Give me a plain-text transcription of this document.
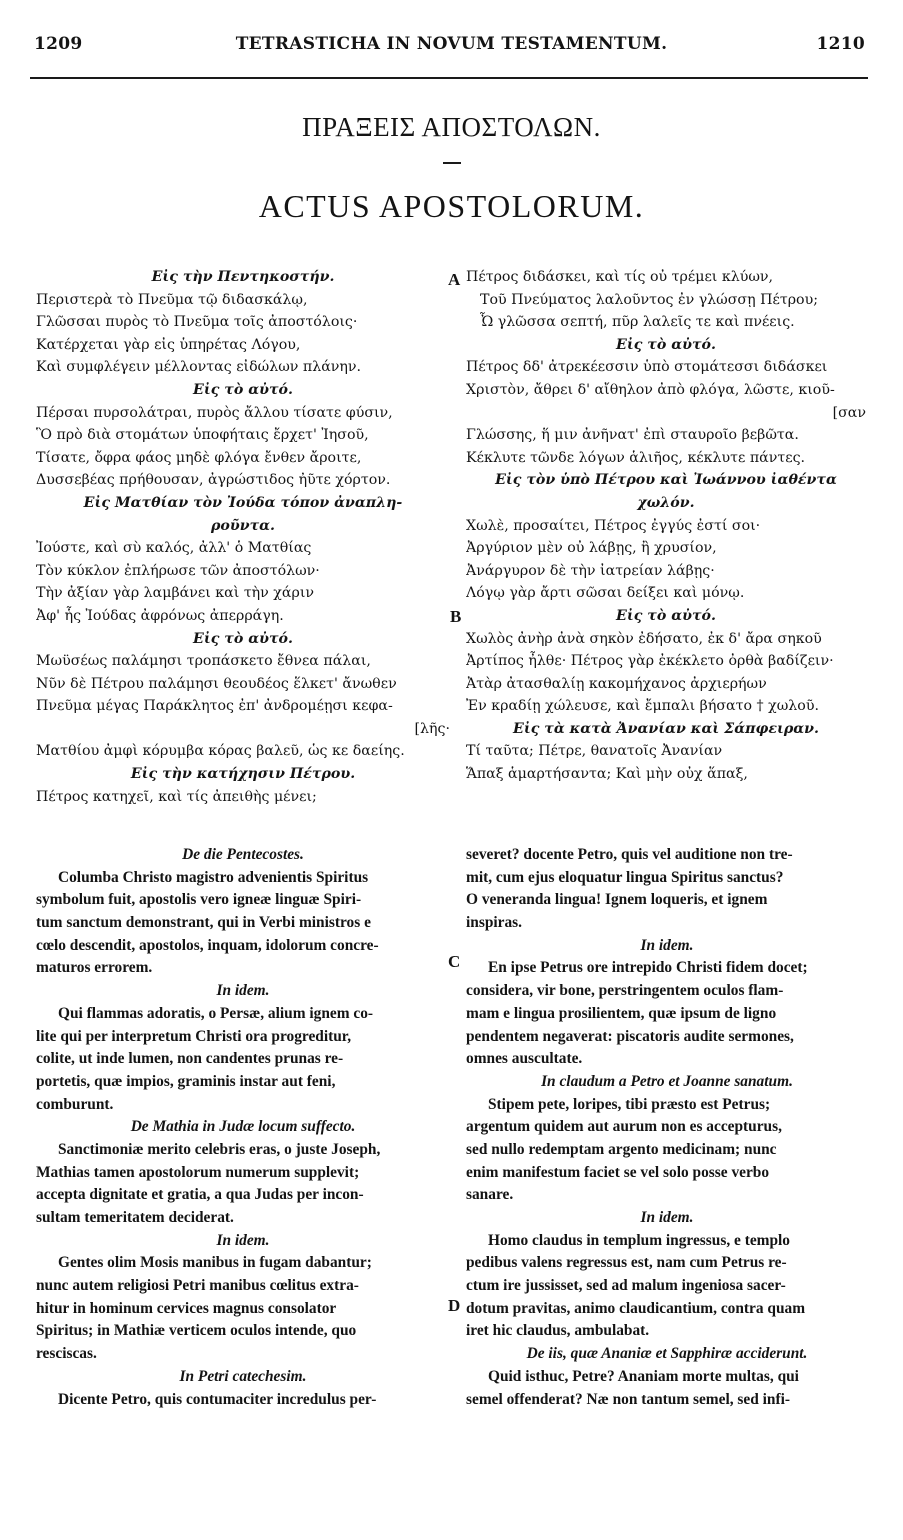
1209	TETRASTICHA IN NOVUM TESTAMENTUM.	1210
ΠΡΑΞΕΙΣ ΑΠΟΣΤΟΛΩΝ.
ACTUS APOSTOLORUM.
Εἰς τὴν Πεντηκοστήν.
Περιστερὰ τὸ Πνεῦμα τῷ διδασκάλῳ,
Γλῶσσαι πυρὸς τὸ Πνεῦμα τοῖς ἀποστόλοις·
Κατέρχεται γὰρ εἰς ὑπηρέτας Λόγου,
Καὶ συμφλέγειν μέλλοντας εἰδώλων πλάνην.
Εἰς τὸ αὐτό.
Πέρσαι πυρσολάτραι, πυρὸς ἄλλου τίσατε φύσιν,
Ὃ πρὸ διὰ στομάτων ὑποφήταις ἔρχετ' Ἰησοῦ,
Τίσατε, ὄφρα φάος μηδὲ φλόγα ἔνθεν ἄροιτε,
Δυσσεβέας πρήθουσαν, ἀγρώστιδος ἠῦτε χόρτον.
Εἰς Ματθίαν τὸν Ἰούδα τόπον ἀναπλη-
ροῦντα.
Ἰούστε, καὶ σὺ καλός, ἀλλ' ὁ Ματθίας
Τὸν κύκλον ἐπλήρωσε τῶν ἀποστόλων·
Τὴν ἀξίαν γὰρ λαμβάνει καὶ τὴν χάριν
Ἀφ' ἧς Ἰούδας ἀφρόνως ἀπερράγη.
Εἰς τὸ αὐτό.
Μωϋσέως παλάμησι τροπάσκετο ἔθνεα πάλαι,
Νῦν δὲ Πέτρου παλάμησι θεουδέος ἕλκετ' ἄνωθεν
Πνεῦμα μέγας Παράκλητος ἐπ' ἀνδρομέῃσι κεφα-
[λῆς·
Ματθίου ἀμφὶ κόρυμβα κόρας βαλεῦ, ὡς κε δαείης.
Εἰς τὴν κατήχησιν Πέτρου.
Πέτρος κατηχεῖ, καὶ τίς ἀπειθὴς μένει;
Πέτρος διδάσκει, καὶ τίς οὐ τρέμει κλύων,
Τοῦ Πνεύματος λαλοῦντος ἐν γλώσσῃ Πέτρου;
Ὦ γλῶσσα σεπτή, πῦρ λαλεῖς τε καὶ πνέεις.
Εἰς τὸ αὐτό.
Πέτρος δδ' ἀτρεκέεσσιν ὑπὸ στομάτεσσι διδάσκει
Χριστὸν, ἄθρει δ' αἴθηλον ἀπὸ φλόγα, λῶστε, κιοῦ-
[σαν
Γλώσσης, ἥ μιν ἀνῆνατ' ἐπὶ σταυροῖο βεβῶτα.
Κέκλυτε τῶνδε λόγων ἁλιῆος, κέκλυτε πάντες.
Εἰς τὸν ὑπὸ Πέτρου καὶ Ἰωάννου ἰαθέντα
χωλόν.
Χωλὲ, προσαίτει, Πέτρος ἐγγύς ἐστί σοι·
Ἀργύριον μὲν οὐ λάβῃς, ἢ χρυσίον,
Ἀνάργυρον δὲ τὴν ἰατρείαν λάβῃς·
Λόγῳ γὰρ ἄρτι σῶσαι δείξει καὶ μόνῳ.
Εἰς τὸ αὐτό.
Χωλὸς ἀνὴρ ἀνὰ σηκὸν ἐδήσατο, ἐκ δ' ἄρα σηκοῦ
Ἀρτίπος ἦλθε· Πέτρος γὰρ ἐκέκλετο ὀρθὰ βαδίζειν·
Ἀτὰρ ἀτασθαλίῃ κακομήχανος ἀρχιερήων
Ἐν κραδίῃ χώλευσε, καὶ ἔμπαλι βήσατο † χωλοῦ.
Εἰς τὰ κατὰ Ἀνανίαν καὶ Σάπφειραν.
Τί ταῦτα; Πέτρε, θανατοῖς Ἀνανίαν
Ἅπαξ ἁμαρτήσαντα; Καὶ μὴν οὐχ ἅπαξ,
De die Pentecostes.
Columba Christo magistro advenientis Spiritus
symbolum fuit, apostolis vero igneæ linguæ Spiri-
tum sanctum demonstrant, qui in Verbi ministros e
cœlo descendit, apostolos, inquam, idolorum concre-
maturos errorem.
In idem.
Qui flammas adoratis, o Persæ, alium ignem co-
lite qui per interpretum Christi ora progreditur,
colite, ut inde lumen, non candentes prunas re-
portetis, quæ impios, graminis instar aut feni,
comburunt.
De Mathia in Judæ locum suffecto.
Sanctimoniæ merito celebris eras, o juste Joseph,
Mathias tamen apostolorum numerum supplevit;
accepta dignitate et gratia, a qua Judas per incon-
sultam temeritatem deciderat.
In idem.
Gentes olim Mosis manibus in fugam dabantur;
nunc autem religiosi Petri manibus cœlitus extra-
hitur in hominum cervices magnus consolator
Spiritus; in Mathiæ verticem oculos intende, quo
resciscas.
In Petri catechesim.
Dicente Petro, quis contumaciter incredulus per-
severet? docente Petro, quis vel auditione non tre-
mit, cum ejus eloquatur lingua Spiritus sanctus?
O veneranda lingua! Ignem loqueris, et ignem
inspiras.
In idem.
En ipse Petrus ore intrepido Christi fidem docet;
considera, vir bone, perstringentem oculos flam-
mam e lingua prosilientem, quæ ipsum de ligno
pendentem negaverat: piscatoris audite sermones,
omnes auscultate.
In claudum a Petro et Joanne sanatum.
Stipem pete, loripes, tibi præsto est Petrus;
argentum quidem aut aurum non es accepturus,
sed nullo redemptam argento medicinam; nunc
enim manifestum faciet se vel solo posse verbo
sanare.
In idem.
Homo claudus in templum ingressus, e templo
pedibus valens regressus est, nam cum Petrus re-
ctum ire jussisset, sed ad malum ingeniosa sacer-
dotum pravitas, animo claudicantium, contra quam
iret hic claudus, ambulabat.
De iis, quæ Ananiæ et Sapphiræ acciderunt.
Quid isthuc, Petre? Ananiam morte multas, qui
semel offenderat? Næ non tantum semel, sed infi-
A
B
C
D
